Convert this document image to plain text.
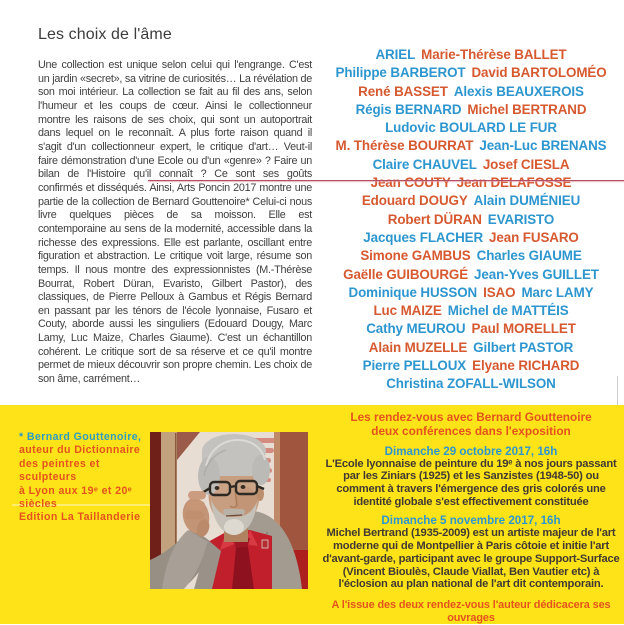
Les choix de l'âme
Une collection est unique selon celui qui l'engrange. C'est un jardin «secret», sa vitrine de curiosités… La révélation de son moi intérieur. La collection se fait au fil des ans, selon l'humeur et les coups de cœur. Ainsi le collectionneur montre les raisons de ses choix, qui sont un autoportrait dans lequel on le reconnaît. A plus forte raison quand il s'agit d'un collectionneur expert, le critique d'art… Veut-il faire démonstration d'une Ecole ou d'un «genre» ? Faire un bilan de l'Histoire qu'il connaît ? Ce sont ses goûts confirmés et disséqués. Ainsi, Arts Poncin 2017 montre une partie de la collection de Bernard Gouttenoire* Celui-ci nous livre quelques pièces de sa moisson. Elle est contemporaine au sens de la modernité, accessible dans la richesse des expressions. Elle est parlante, oscillant entre figuration et abstraction. Le critique voit large, résume son temps. Il nous montre des expressionnistes (M.-Thérèse Bourrat, Robert Düran, Evaristo, Gilbert Pastor), des classiques, de Pierre Pelloux à Gambus et Régis Bernard en passant par les ténors de l'école lyonnaise, Fusaro et Couty, aborde aussi les singuliers (Edouard Dougy, Marc Lamy, Luc Maize, Charles Giaume). C'est un échantillon cohérent. Le critique sort de sa réserve et ce qu'il montre permet de mieux découvrir son propre chemin. Les choix de son âme, carrément…
ARIEL Marie-Thérèse BALLET
Philippe BARBEROT David BARTOLOMÉO
René BASSET Alexis BEAUXEROIS
Régis BERNARD Michel BERTRAND
Ludovic BOULARD LE FUR
M. Thérèse BOURRAT Jean-Luc BRENANS
Claire CHAUVEL Josef CIESLA
Jean COUTY Jean DELAFOSSE
Edouard DOUGY Alain DUMÉNIEU
Robert DÜRAN EVARISTO
Jacques FLACHER Jean FUSARO
Simone GAMBUS Charles GIAUME
Gaëlle GUIBOURGÉ Jean-Yves GUILLET
Dominique HUSSON ISAO Marc LAMY
Luc MAIZE Michel de MATTÉIS
Cathy MEUROU Paul MORELLET
Alain MUZELLE Gilbert PASTOR
Pierre PELLOUX Elyane RICHARD
Christina ZOFALL-WILSON
* Bernard Gouttenoire,
auteur du Dictionnaire
des peintres et sculpteurs
à Lyon aux 19ᵉ et 20ᵉ siècles
Edition La Taillanderie
Les rendez-vous avec Bernard Gouttenoire
deux conférences dans l'exposition
Dimanche 29 octobre 2017, 16h
L'Ecole lyonnaise de peinture du 19ᵉ à nos jours passant par les Ziniars (1925) et les Sanzistes (1948-50) ou comment à travers l'émergence des gris colorés une identité globale s'est effectivement constituée
Dimanche 5 novembre 2017, 16h
Michel Bertrand (1935-2009) est un artiste majeur de l'art moderne qui de Montpellier à Paris côtoie et initie l'art d'avant-garde, participant avec le groupe Support-Surface (Vincent Bioulès, Claude Viallat, Ben Vautier etc) à l'éclosion au plan national de l'art dit contemporain.
A l'issue des deux rendez-vous l'auteur dédicacera ses ouvrages
